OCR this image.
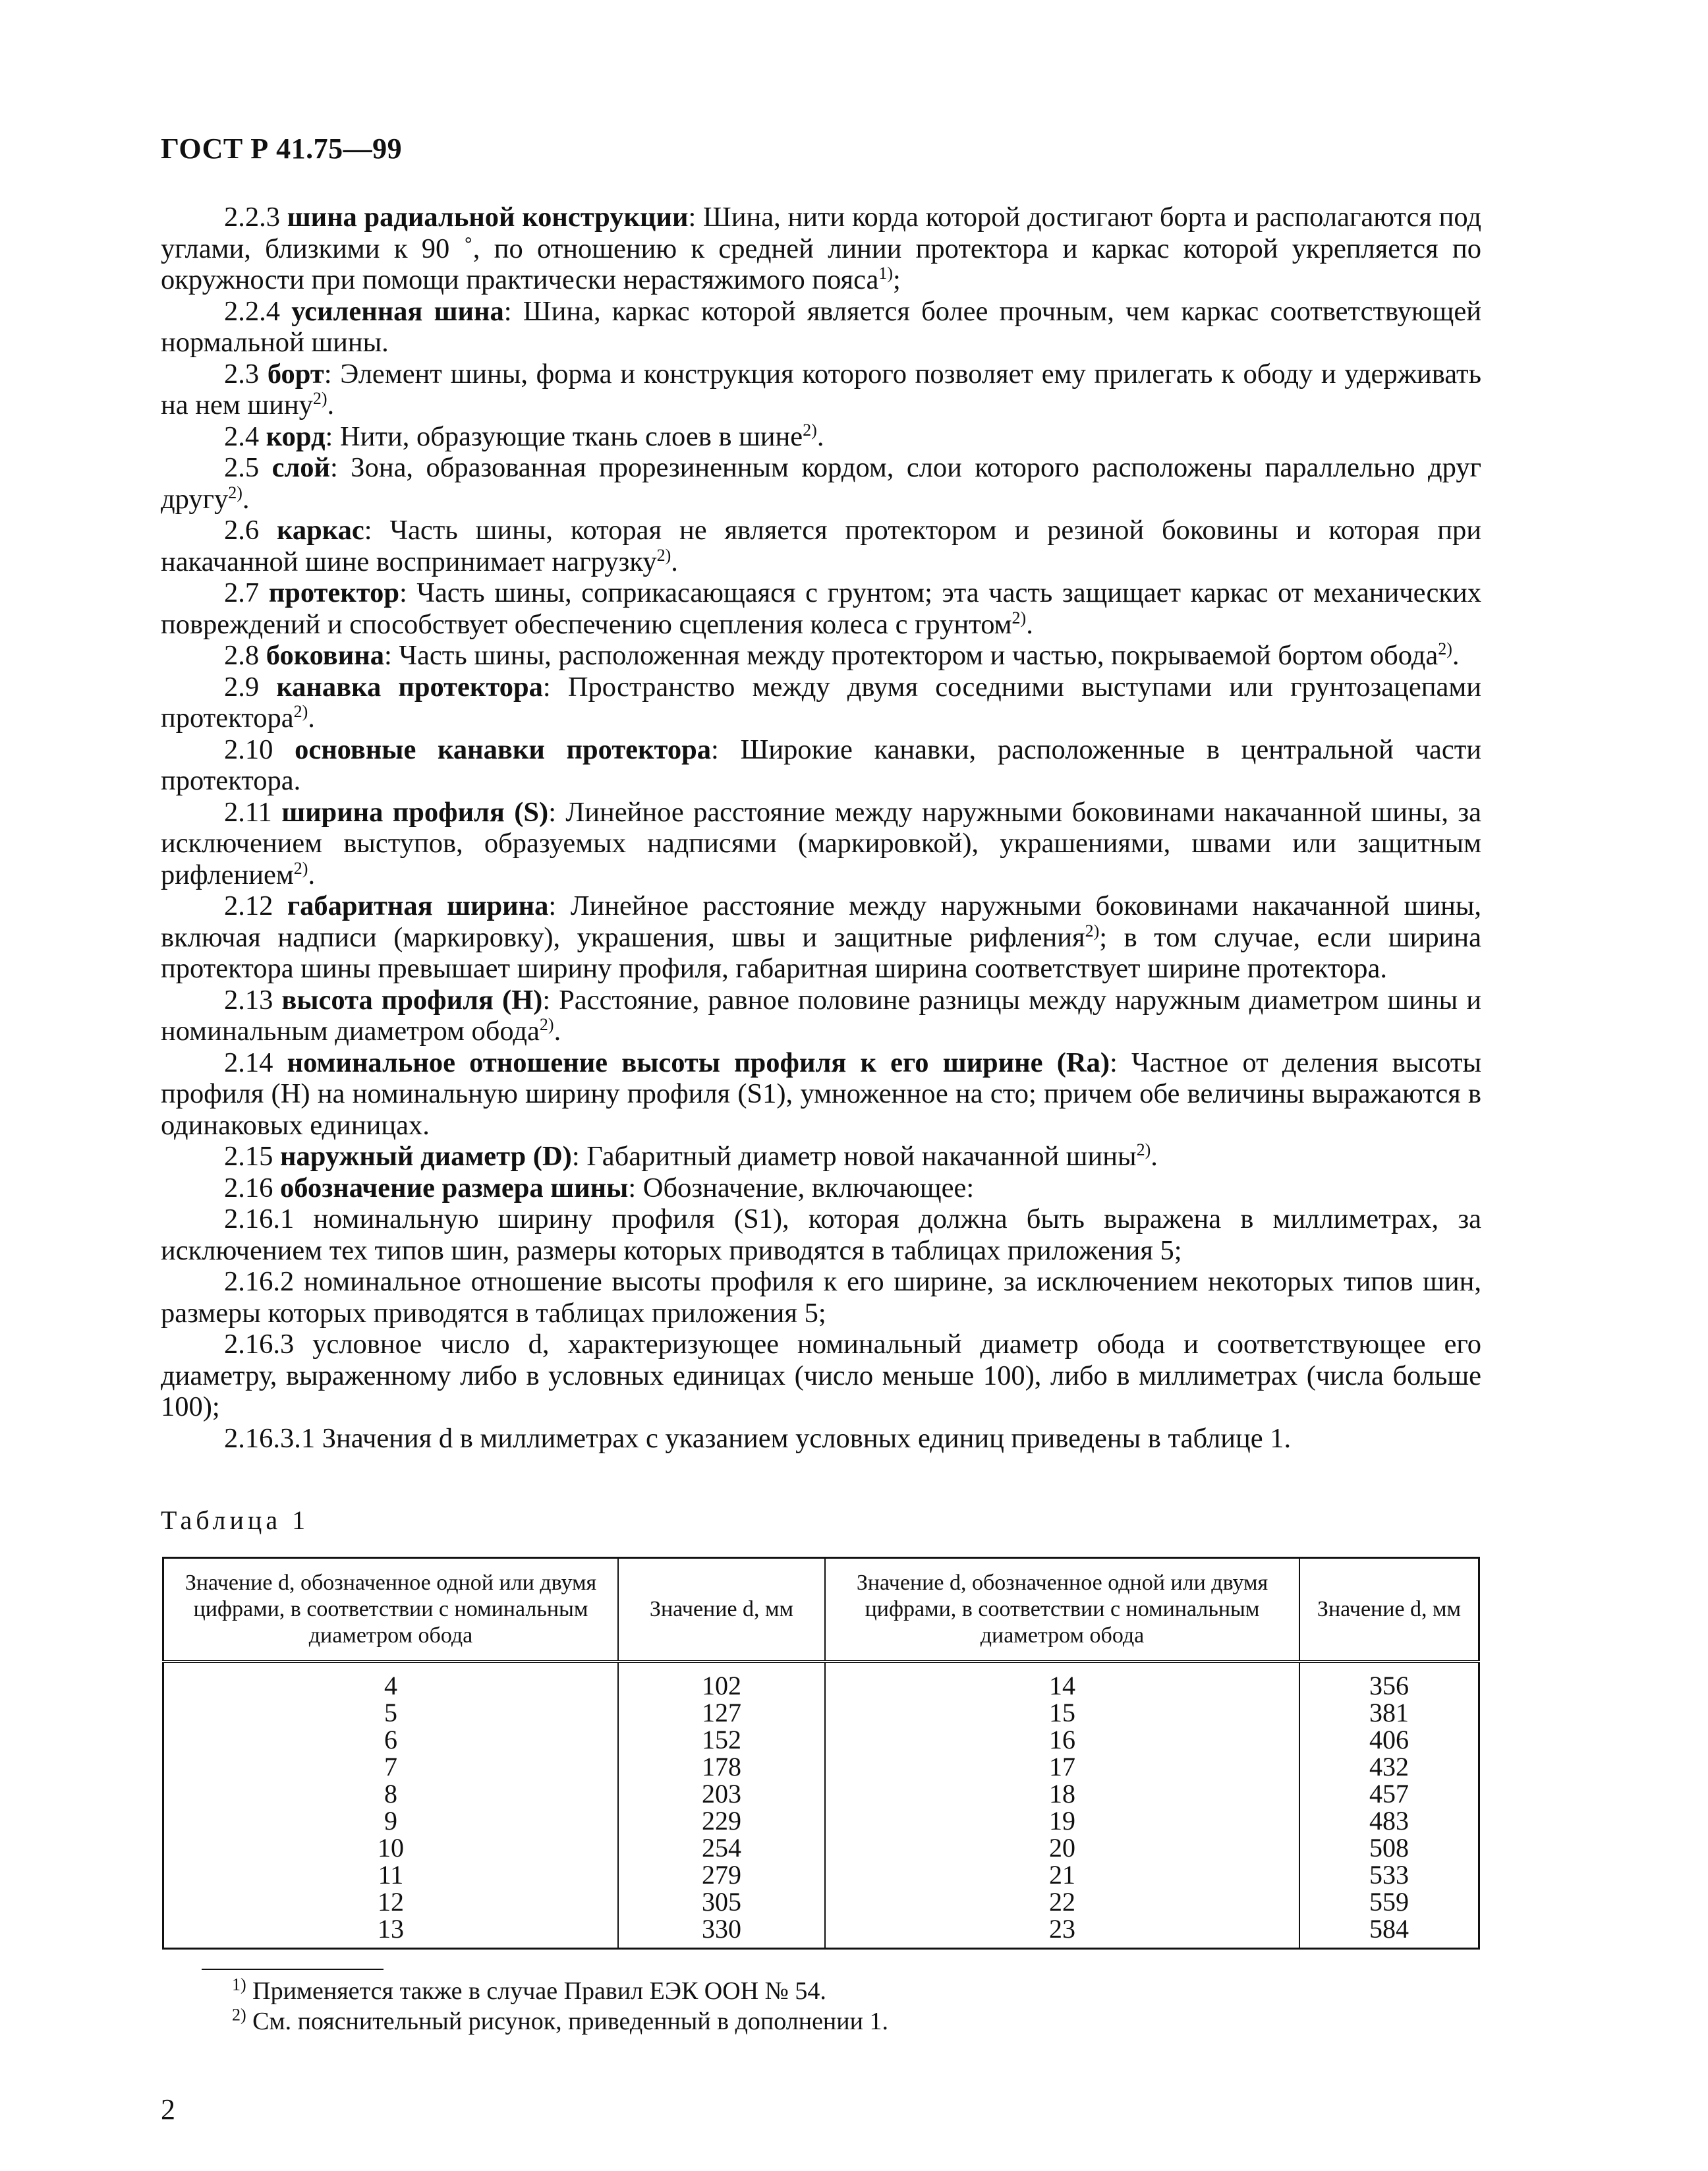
ГОСТ Р 41.75—99

2.2.3 шина радиальной конструкции: Шина, нити корда которой достигают борта и располагаются под углами, близкими к 90 ˚, по отношению к средней линии протектора и каркас которой укрепляется по окружности при помощи практически нерастяжимого пояса$^{1)}$;

2.2.4 усиленная шина: Шина, каркас которой является более прочным, чем каркас соответствующей нормальной шины.

2.3 борт: Элемент шины, форма и конструкция которого позволяет ему прилегать к ободу и удерживать на нем шину$^{2)}$.

2.4 корд: Нити, образующие ткань слоев в шине$^{2)}$.

2.5 слой: Зона, образованная прорезиненным кордом, слои которого расположены параллельно друг другу$^{2)}$.

2.6 каркас: Часть шины, которая не является протектором и резиной боковины и которая при накачанной шине воспринимает нагрузку$^{2)}$.

2.7 протектор: Часть шины, соприкасающаяся с грунтом; эта часть защищает каркас от механических повреждений и способствует обеспечению сцепления колеса с грунтом$^{2)}$.

2.8 боковина: Часть шины, расположенная между протектором и частью, покрываемой бортом обода$^{2)}$.

2.9 канавка протектора: Пространство между двумя соседними выступами или грунтозацепами протектора$^{2)}$.

2.10 основные канавки протектора: Широкие канавки, расположенные в центральной части протектора.

2.11 ширина профиля (S): Линейное расстояние между наружными боковинами накачанной шины, за исключением выступов, образуемых надписями (маркировкой), украшениями, швами или защитным рифлением$^{2)}$.

2.12 габаритная ширина: Линейное расстояние между наружными боковинами накачанной шины, включая надписи (маркировку), украшения, швы и защитные рифления$^{2)}$; в том случае, если ширина протектора шины превышает ширину профиля, габаритная ширина соответствует ширине протектора.

2.13 высота профиля (H): Расстояние, равное половине разницы между наружным диаметром шины и номинальным диаметром обода$^{2)}$.

2.14 номинальное отношение высоты профиля к его ширине (Ra): Частное от деления высоты профиля (H) на номинальную ширину профиля (S1), умноженное на сто; причем обе величины выражаются в одинаковых единицах.

2.15 наружный диаметр (D): Габаритный диаметр новой накачанной шины$^{2)}$.

2.16 обозначение размера шины: Обозначение, включающее:

2.16.1 номинальную ширину профиля (S1), которая должна быть выражена в миллиметрах, за исключением тех типов шин, размеры которых приводятся в таблицах приложения 5;

2.16.2 номинальное отношение высоты профиля к его ширине, за исключением некоторых типов шин, размеры которых приводятся в таблицах приложения 5;

2.16.3 условное число d, характеризующее номинальный диаметр обода и соответствующее его диаметру, выраженному либо в условных единицах (число меньше 100), либо в миллиметрах (числа больше 100);

2.16.3.1 Значения d в миллиметрах с указанием условных единиц приведены в таблице 1.

Таблица 1
Значение d, обозначенное одной или двумя цифрами, в соответствии с номинальным диаметром обода	Значение d, мм	Значение d, обозначенное одной или двумя цифрами, в соответствии с номинальным диаметром обода	Значение d, мм
4	102	14	356
5	127	15	381
6	152	16	406
7	178	17	432
8	203	18	457
9	229	19	483
10	254	20	508
11	279	21	533
12	305	22	559
13	330	23	584
$^{1)}$ Применяется также в случае Правил ЕЭК ООН № 54.
$^{2)}$ См. пояснительный рисунок, приведенный в дополнении 1.
2
